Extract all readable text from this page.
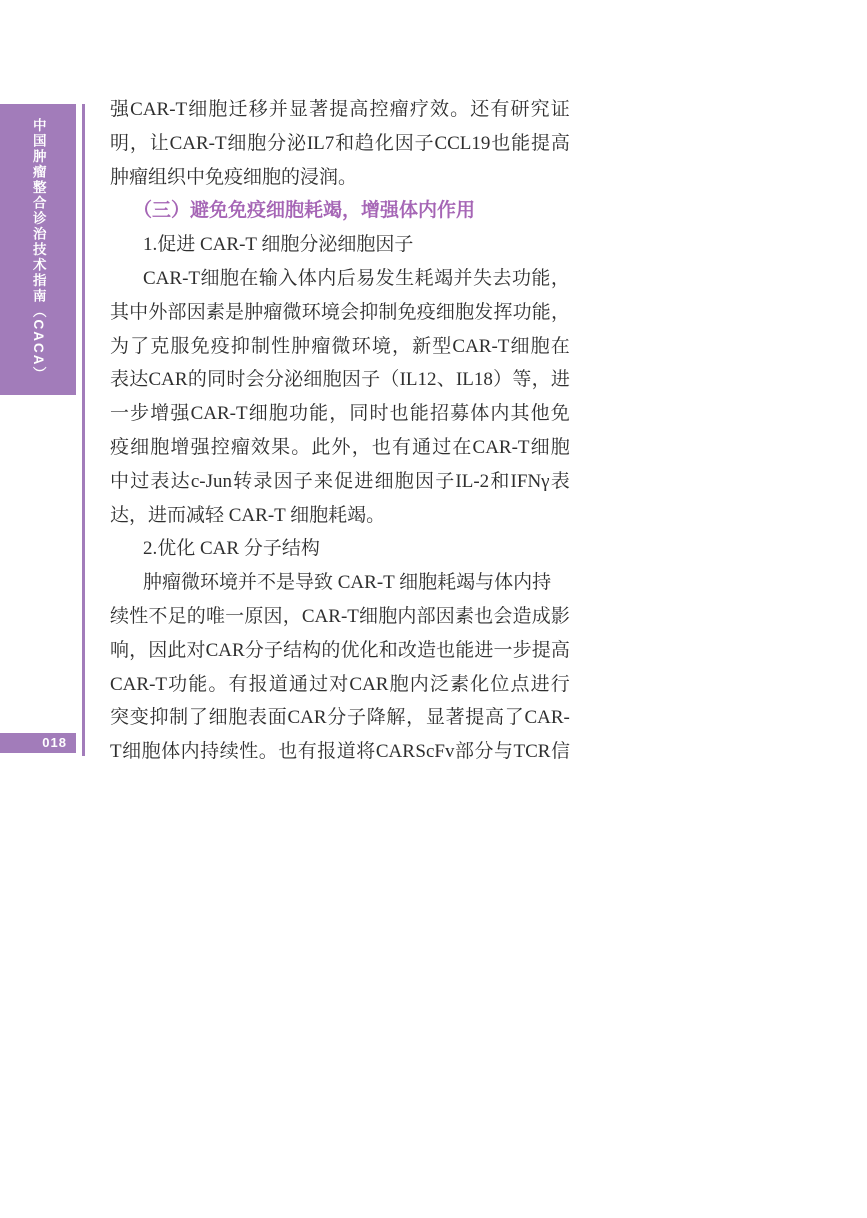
中国肿瘤整合诊治技术指南（CACA）
018
强 CAR-T 细 胞 迁 移 并 显 著 提 高 控 瘤 疗 效 。 还 有 研 究 证
明 ， 让 CAR-T 细 胞 分 泌 IL7 和 趋 化 因 子 CCL19 也 能 提 高
肿瘤组织中免疫细胞的浸润。
（三）避免免疫细胞耗竭，增强体内作用
1.促进 CAR-T 细胞分泌细胞因子
CAR-T 细 胞 在 输 入 体 内 后 易 发 生 耗 竭 并 失 去 功 能 ，
其 中 外 部 因 素 是 肿 瘤 微 环 境 会 抑 制 免 疫 细 胞 发 挥 功 能 ，
为 了 克 服 免 疫 抑 制 性 肿 瘤 微 环 境 ， 新 型 CAR-T 细 胞 在
表 达 CAR 的 同 时 会 分 泌 细 胞 因 子 （ IL12 、 IL18 ） 等 ， 进
一 步 增 强 CAR-T 细 胞 功 能 ， 同 时 也 能 招 募 体 内 其 他 免
疫 细 胞 增 强 控 瘤 效 果 。 此 外 ， 也 有 通 过 在 CAR-T 细 胞
中 过 表 达 c-Jun 转 录 因 子 来 促 进 细 胞 因 子 IL-2 和 IFNγ 表
达，进而减轻 CAR-T 细胞耗竭。
2.优化 CAR 分子结构
肿瘤微环境并不是导致 CAR-T 细胞耗竭与体内持
续 性 不 足 的 唯 一 原 因 ， CAR-T 细 胞 内 部 因 素 也 会 造 成 影
响 ， 因 此 对 CAR 分 子 结 构 的 优 化 和 改 造 也 能 进 一 步 提 高
CAR-T 功 能 。 有 报 道 通 过 对 CAR 胞 内 泛 素 化 位 点 进 行
突 变 抑 制 了 细 胞 表 面 CAR 分 子 降 解 ， 显 著 提 高 了 CAR-
T 细 胞 体 内 持 续 性 。 也 有 报 道 将 CAR ScFv 部 分 与 TCR 信
